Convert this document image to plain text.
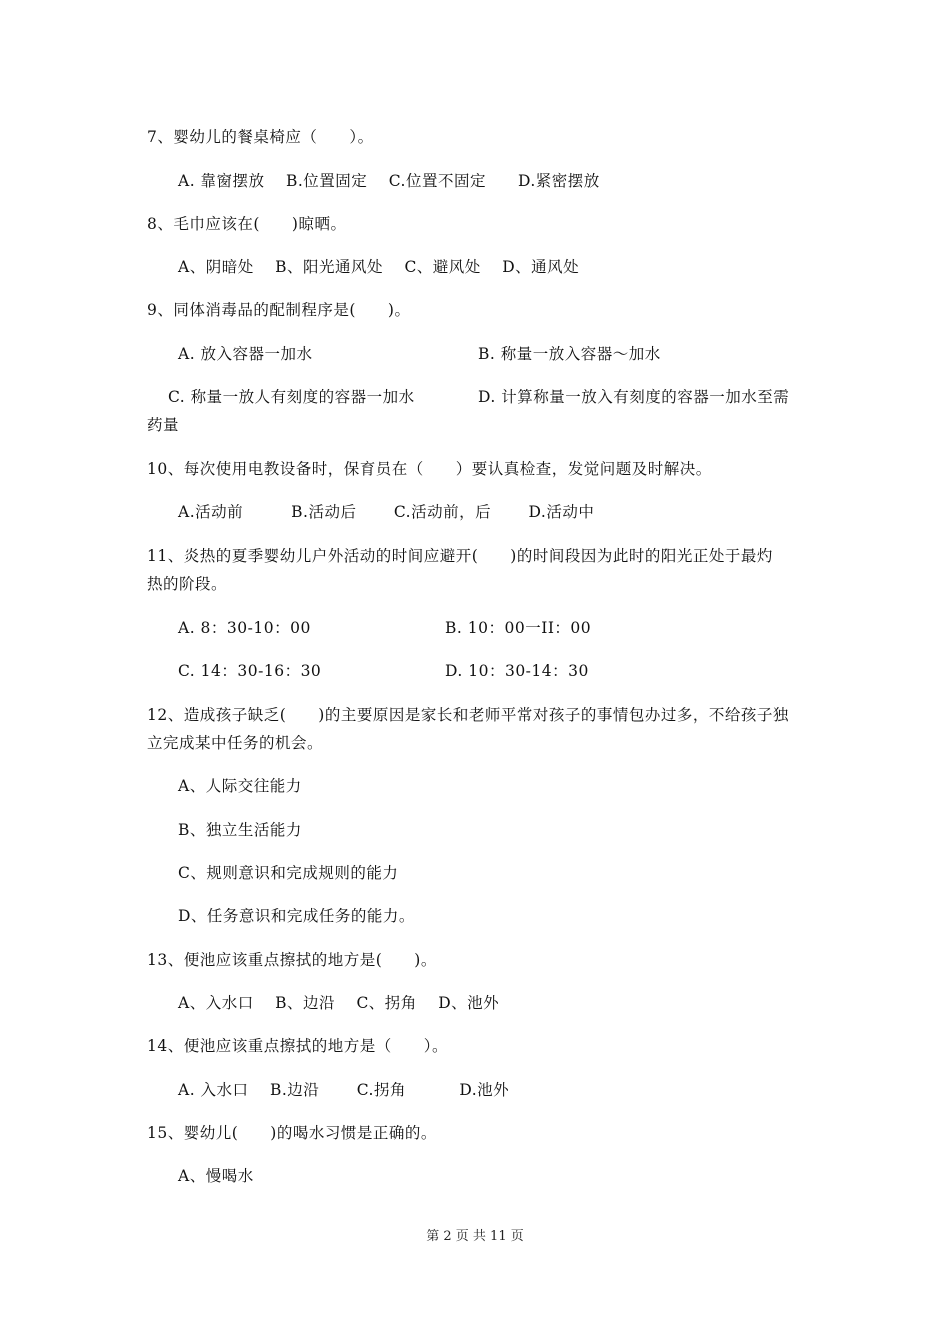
7、婴幼儿的餐桌椅应（　　）。
A. 靠窗摆放　 B.位置固定　 C.位置不固定　　D.紧密摆放
8、毛巾应该在(　　)晾晒。
A、阴暗处　 B、阳光通风处　 C、避风处　 D、通风处
9、同体消毒品的配制程序是(　　)。
A. 放入容器一加水	B. 称量一放入容器～加水
C. 称量一放人有刻度的容器一加水	D. 计算称量一放入有刻度的容器一加水至需
药量
10、每次使用电教设备时，保育员在（　　）要认真检查，发觉问题及时解决。
A.活动前　　　B.活动后　　 C.活动前，后　　 D.活动中
11、炎热的夏季婴幼儿户外活动的时间应避开(　　)的时间段因为此时的阳光正处于最灼
热的阶段。
A. 8：30-10：00	B. 10：00一II：00
C. 14：30-16：30	D. 10：30-14：30
12、造成孩子缺乏(　　)的主要原因是家长和老师平常对孩子的事情包办过多，不给孩子独
立完成某中任务的机会。
A、人际交往能力
B、独立生活能力
C、规则意识和完成规则的能力
D、任务意识和完成任务的能力。
13、便池应该重点擦拭的地方是(　　)。
A、入水口　 B、边沿　 C、拐角　 D、池外
14、便池应该重点擦拭的地方是（　　）。
A. 入水口　 B.边沿　　 C.拐角　　　 D.池外
15、婴幼儿(　　)的喝水习惯是正确的。
A、慢喝水
第 2 页 共 11 页
